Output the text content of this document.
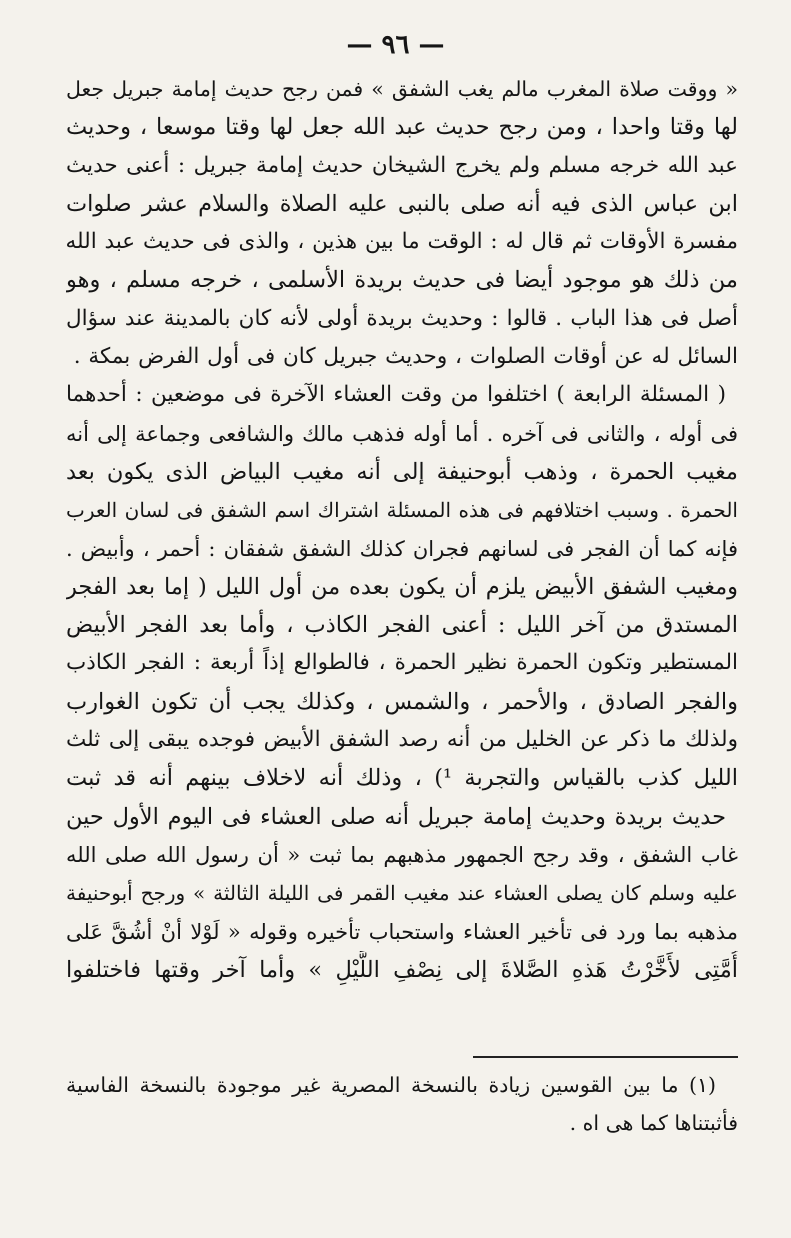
— ٩٦ —
« ووقت صلاة المغرب مالم يغب الشفق » فمن رجح حديث إمامة جبريل جعل
لها وقتا واحدا ، ومن رجح حديث عبد الله جعل لها وقتا موسعا ، وحديث
عبد الله خرجه مسلم ولم يخرج الشيخان حديث إمامة جبريل : أعنى حديث
ابن عباس الذى فيه أنه صلى بالنبى عليه الصلاة والسلام عشر صلوات
مفسرة الأوقات ثم قال له : الوقت ما بين هذين ، والذى فى حديث عبد الله
من ذلك هو موجود أيضا فى حديث بريدة الأسلمى ، خرجه مسلم ، وهو
أصل فى هذا الباب . قالوا : وحديث بريدة أولى لأنه كان بالمدينة عند سؤال
السائل له عن أوقات الصلوات ، وحديث جبريل كان فى أول الفرض بمكة .
( المسئلة الرابعة ) اختلفوا من وقت العشاء الآخرة فى موضعين : أحدهما
فى أوله ، والثانى فى آخره . أما أوله فذهب مالك والشافعى وجماعة إلى أنه
مغيب الحمرة ، وذهب أبوحنيفة إلى أنه مغيب البياض الذى يكون بعد
الحمرة . وسبب اختلافهم فى هذه المسئلة اشتراك اسم الشفق فى لسان العرب
فإنه كما أن الفجر فى لسانهم فجران كذلك الشفق شفقان : أحمر ، وأبيض .
ومغيب الشفق الأبيض يلزم أن يكون بعده من أول الليل ( إما بعد الفجر
المستدق من آخر الليل : أعنى الفجر الكاذب ، وأما بعد الفجر الأبيض
المستطير وتكون الحمرة نظير الحمرة ، فالطوالع إذاً أربعة : الفجر الكاذب
والفجر الصادق ، والأحمر ، والشمس ، وكذلك يجب أن تكون الغوارب
ولذلك ما ذكر عن الخليل من أنه رصد الشفق الأبيض فوجده يبقى إلى ثلث
الليل كذب بالقياس والتجربة ¹) ، وذلك أنه لاخلاف بينهم أنه قد ثبت
حديث بريدة وحديث إمامة جبريل أنه صلى العشاء فى اليوم الأول حين
غاب الشفق ، وقد رجح الجمهور مذهبهم بما ثبت « أن رسول الله صلى الله
عليه وسلم كان يصلى العشاء عند مغيب القمر فى الليلة الثالثة » ورجح أبوحنيفة
مذهبه بما ورد فى تأخير العشاء واستحباب تأخيره وقوله « لَوْلا أنْ أشُقَّ عَلى
أُمَّتِى لأَخَّرْتُ هَذهِ الصَّلاةَ إلى نِصْفِ اللَّيْلِ » وأما آخر وقتها فاختلفوا
(١) ما بين القوسين زيادة بالنسخة المصرية غير موجودة بالنسخة الفاسية
فأثبتناها كما هى اه .
